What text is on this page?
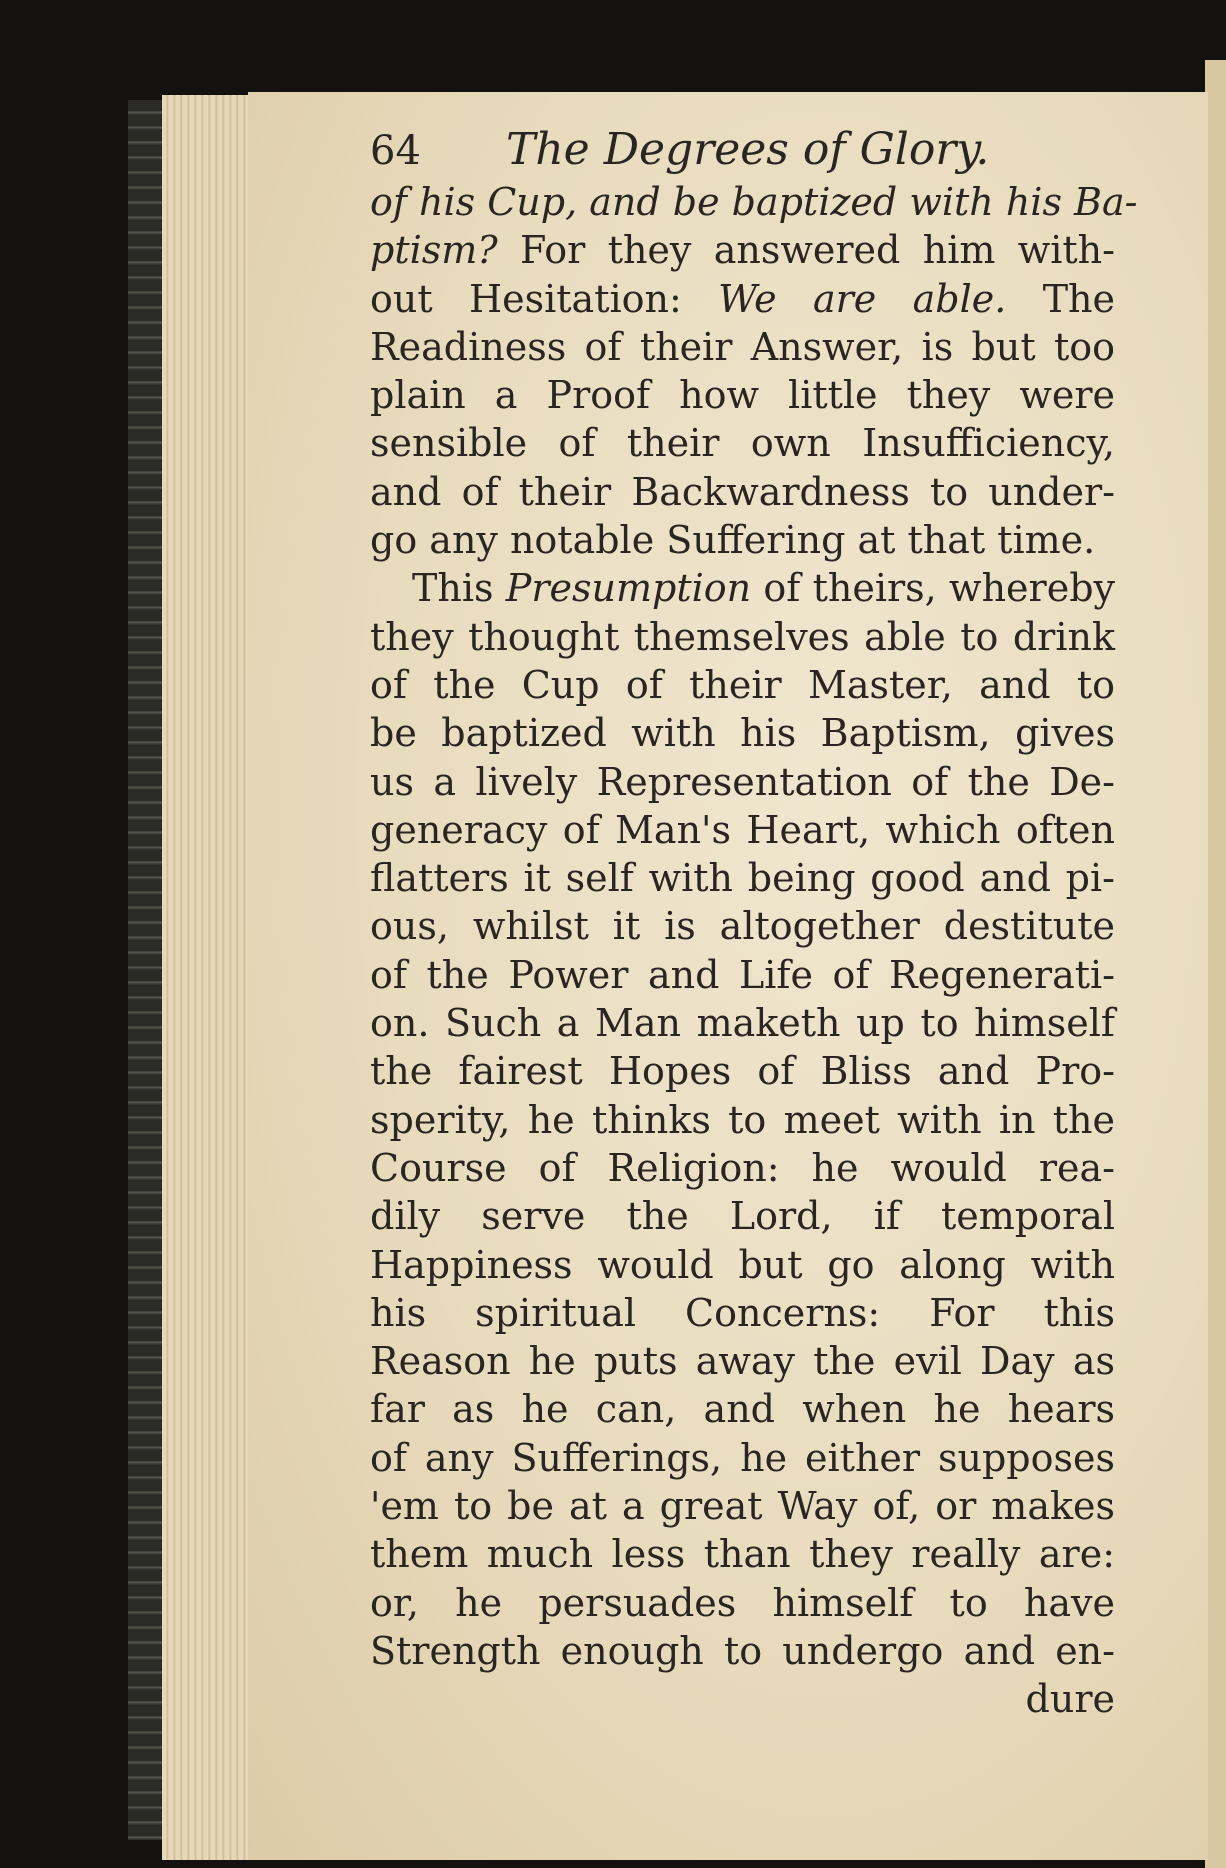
64 The Degrees of Glory.
of his Cup, and be baptized with his Ba-
ptism? For they answered him with-
out Hesitation: We are able. The
Readiness of their Answer, is but too
plain a Proof how little they were
sensible of their own Insufficiency,
and of their Backwardness to under-
go any notable Suffering at that time.
This Presumption of theirs, whereby
they thought themselves able to drink
of the Cup of their Master, and to
be baptized with his Baptism, gives
us a lively Representation of the De-
generacy of Man's Heart, which often
flatters it self with being good and pi-
ous, whilst it is altogether destitute
of the Power and Life of Regenerati-
on. Such a Man maketh up to himself
the fairest Hopes of Bliss and Pro-
sperity, he thinks to meet with in the
Course of Religion: he would rea-
dily serve the Lord, if temporal
Happiness would but go along with
his spiritual Concerns: For this
Reason he puts away the evil Day as
far as he can, and when he hears
of any Sufferings, he either supposes
'em to be at a great Way of, or makes
them much less than they really are:
or, he persuades himself to have
Strength enough to undergo and en-
dure
